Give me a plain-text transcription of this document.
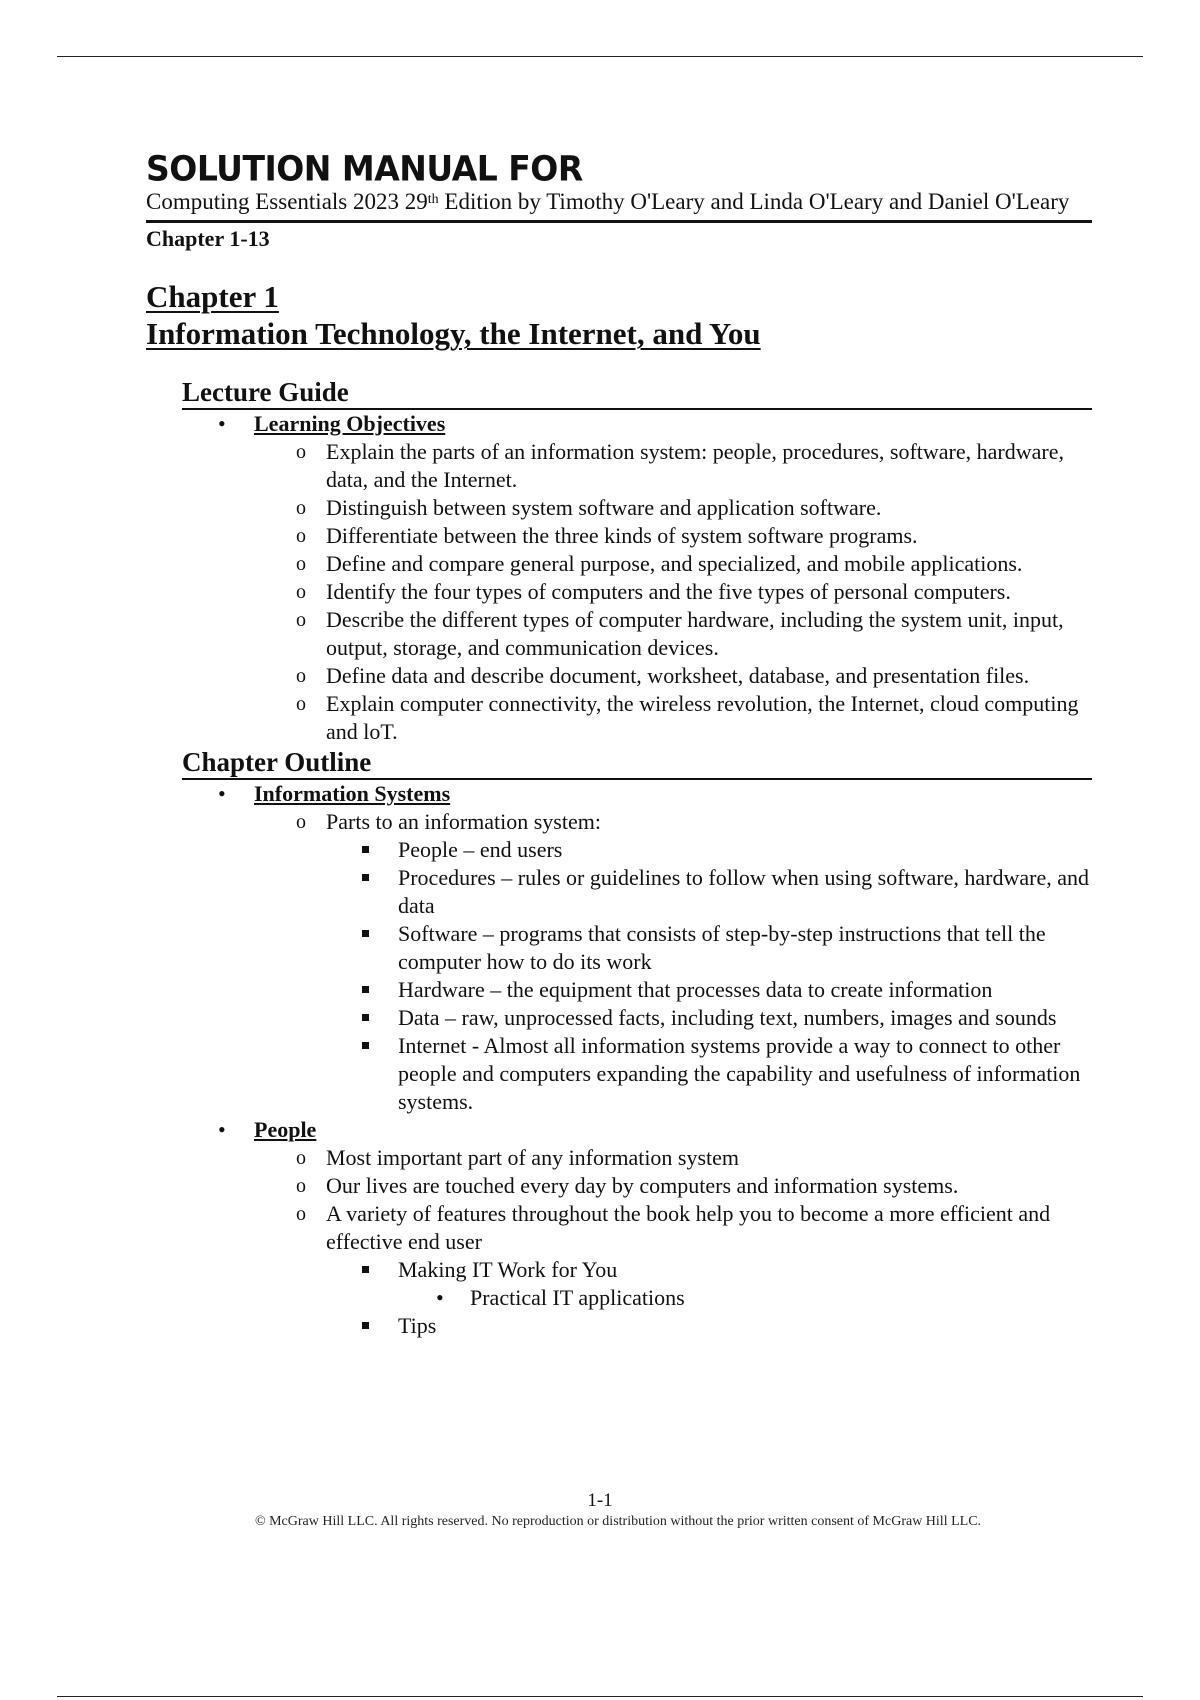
SOLUTION MANUAL FOR
Computing Essentials 2023 29th Edition by Timothy O'Leary and Linda O'Leary and Daniel O'Leary
Chapter 1-13
Chapter 1
Information Technology, the Internet, and You
Lecture Guide
• Learning Objectives
o Explain the parts of an information system: people, procedures, software, hardware, data, and the Internet.
o Distinguish between system software and application software.
o Differentiate between the three kinds of system software programs.
o Define and compare general purpose, and specialized, and mobile applications.
o Identify the four types of computers and the five types of personal computers.
o Describe the different types of computer hardware, including the system unit, input, output, storage, and communication devices.
o Define data and describe document, worksheet, database, and presentation files.
o Explain computer connectivity, the wireless revolution, the Internet, cloud computing and loT.
Chapter Outline
• Information Systems
o Parts to an information system:
People – end users
Procedures – rules or guidelines to follow when using software, hardware, and data
Software – programs that consists of step-by-step instructions that tell the computer how to do its work
Hardware – the equipment that processes data to create information
Data – raw, unprocessed facts, including text, numbers, images and sounds
Internet - Almost all information systems provide a way to connect to other people and computers expanding the capability and usefulness of information systems.
• People
o Most important part of any information system
o Our lives are touched every day by computers and information systems.
o A variety of features throughout the book help you to become a more efficient and effective end user
Making IT Work for You
• Practical IT applications
Tips
1-1
© McGraw Hill LLC. All rights reserved. No reproduction or distribution without the prior written consent of McGraw Hill LLC.
